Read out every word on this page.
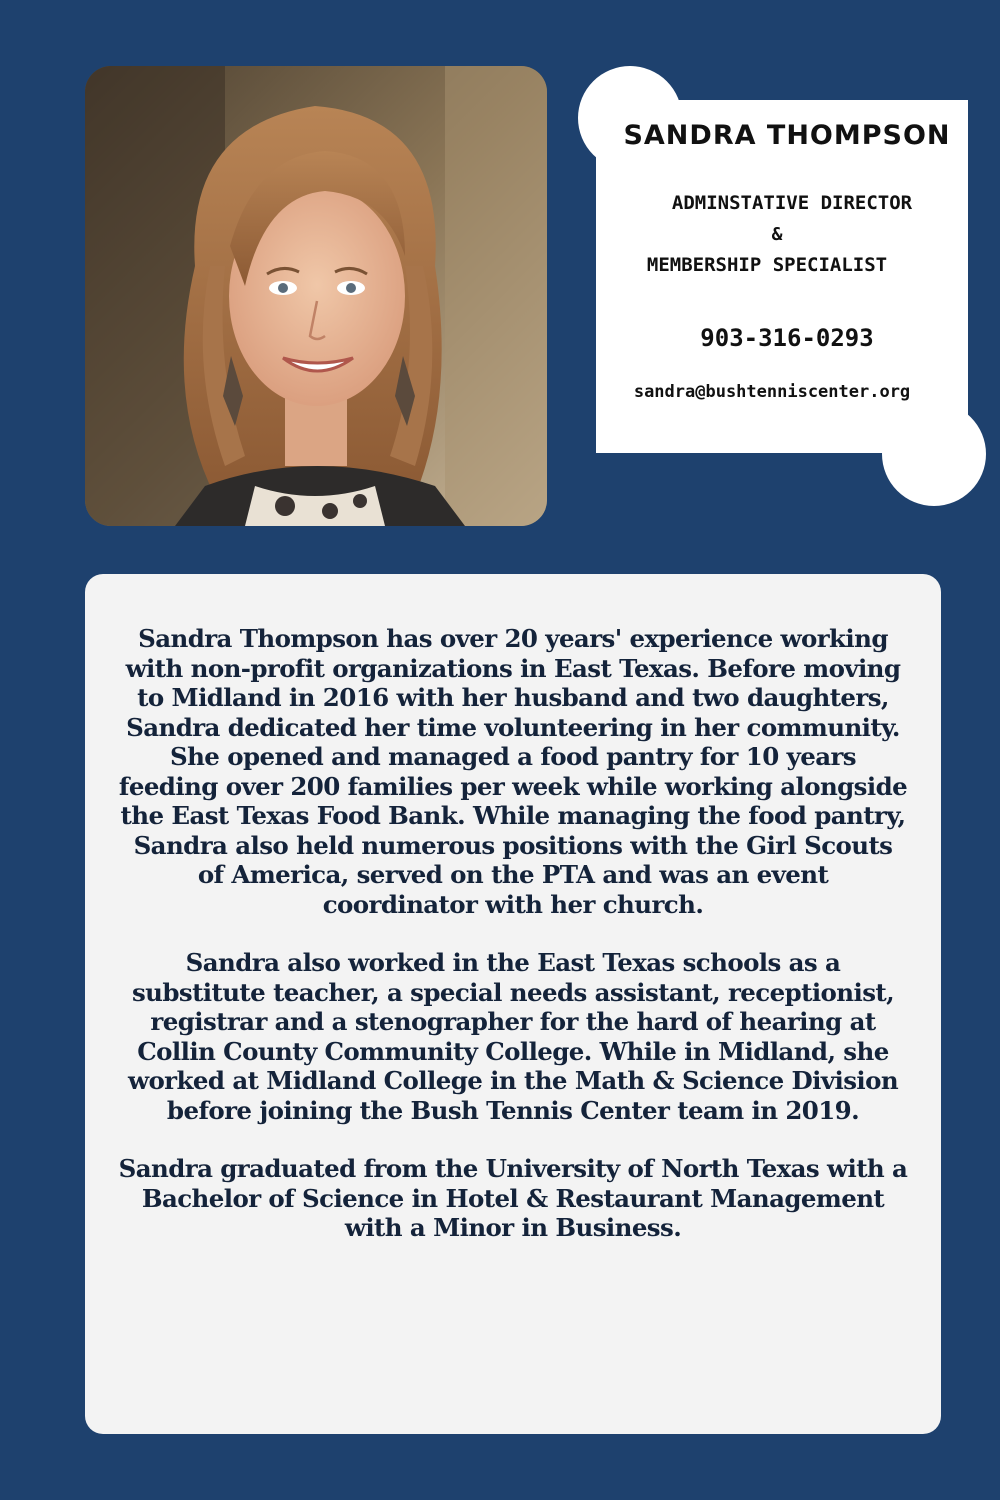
SANDRA THOMPSON
ADMINSTATIVE DIRECTOR
&
MEMBERSHIP SPECIALIST
903-316-0293
sandra@bushtenniscenter.org

Sandra Thompson has over 20 years' experience working with non-profit organizations in East Texas. Before moving to Midland in 2016 with her husband and two daughters, Sandra dedicated her time volunteering in her community. She opened and managed a food pantry for 10 years feeding over 200 families per week while working alongside the East Texas Food Bank. While managing the food pantry, Sandra also held numerous positions with the Girl Scouts of America, served on the PTA and was an event coordinator with her church.

Sandra also worked in the East Texas schools as a substitute teacher, a special needs assistant, receptionist, registrar and a stenographer for the hard of hearing at Collin County Community College. While in Midland, she worked at Midland College in the Math & Science Division before joining the Bush Tennis Center team in 2019.

Sandra graduated from the University of North Texas with a Bachelor of Science in Hotel & Restaurant Management with a Minor in Business.
